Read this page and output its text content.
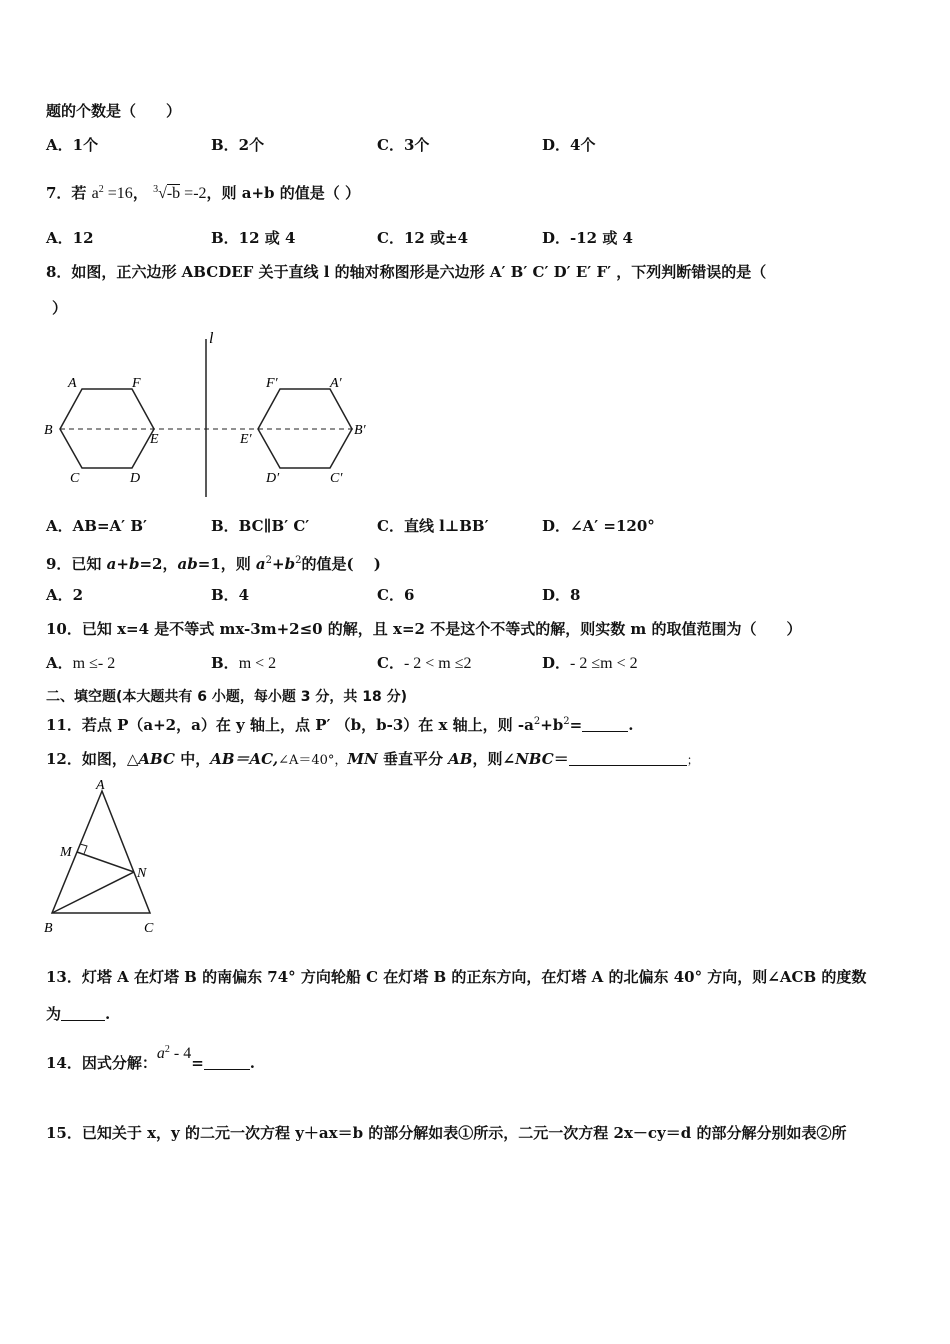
题的个数是（　　）
A．1个	B．2个	C．3个	D．4个
7．若 $a^2 =16$， $^3$√-b =-2，则 a+b 的值是（ ）
A．12	B．12 或 4	C．12 或±4	D．-12 或 4
8．如图，正六边形 ABCDEF 关于直线 l 的轴对称图形是六边形 A′ B′ C′ D′ E′ F′ ，下列判断错误的是（
）
l
A	F
B
E
C	D
F′	A′
E′
B′
D′	C′
A．AB=A′ B′	B．BC∥B′ C′	C．直线 l⊥BB′	D．∠A′ =120°
9．已知 a+b=2，ab=1，则 $a^2+b^2$的值是(　 )
A．2	B．4	C．6	D．8
10．已知 x=4 是不等式 mx-3m+2≤0 的解，且 x=2 不是这个不等式的解，则实数 m 的取值范围为（　　）
A．m ≤- 2	B．m < 2	C．- 2 < m ≤2	D．- 2 ≤m < 2
二、填空题(本大题共有 6 小题，每小题 3 分，共 18 分)
11．若点 P（a+2，a）在 y 轴上，点 P′ （b，b-3）在 x 轴上，则 $-a^2+b^2=$	.
12．如图，△ABC 中，AB＝AC,∠A＝40°，MN 垂直平分 AB，则∠NBC＝	；
A
M
N
B	C
13．灯塔 A 在灯塔 B 的南偏东 74° 方向轮船 C 在灯塔 B 的正东方向，在灯塔 A 的北偏东 40° 方向，则∠ACB 的度数
为	.
14．因式分解：$a^2 - 4=$	.
15．已知关于 x，y 的二元一次方程 y＋ax＝b 的部分解如表①所示，二元一次方程 2x－cy＝d 的部分解分别如表②所
